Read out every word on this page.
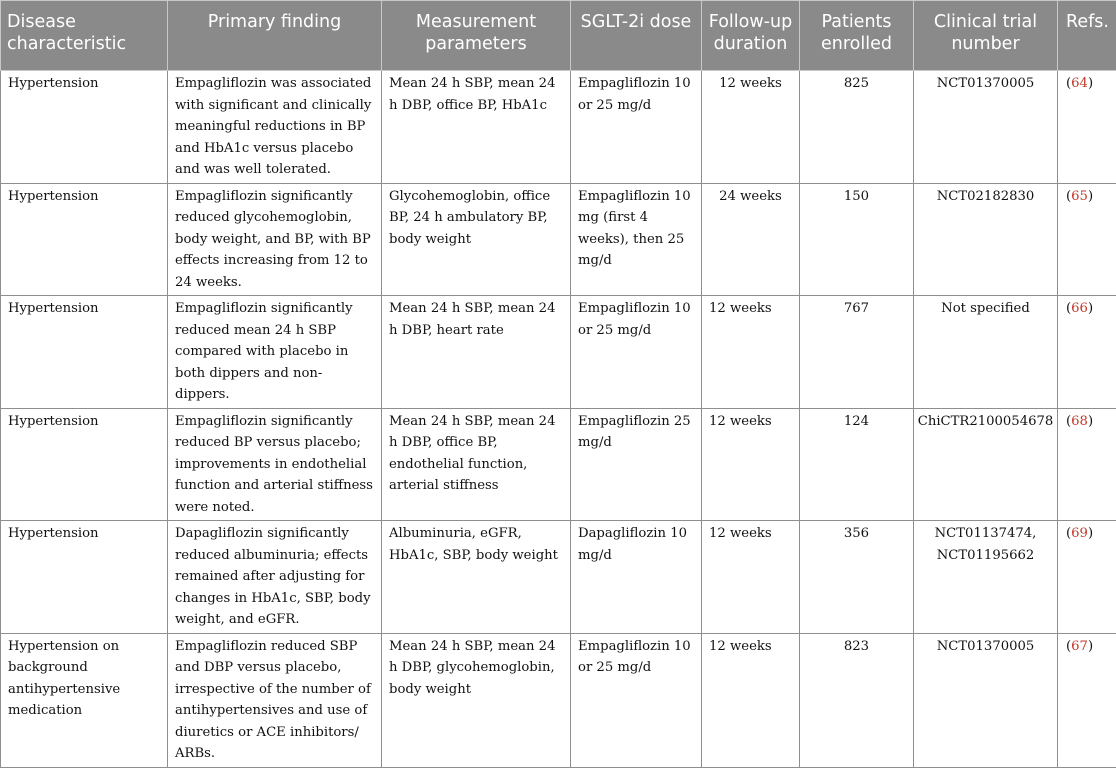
Disease characteristic	Primary finding	Measurement parameters	SGLT-2i dose	Follow-up duration	Patients enrolled	Clinical trial number	Refs.
Hypertension	Empagliflozin was associated with significant and clinically meaningful reductions in BP and HbA1c versus placebo and was well tolerated.	Mean 24 h SBP, mean 24 h DBP, office BP, HbA1c	Empagliflozin 10 or 25 mg/d	12 weeks	825	NCT01370005	(64)
Hypertension	Empagliflozin significantly reduced glycohemoglobin, body weight, and BP, with BP effects increasing from 12 to 24 weeks.	Glycohemoglobin, office BP, 24 h ambulatory BP, body weight	Empagliflozin 10 mg (first 4 weeks), then 25 mg/d	24 weeks	150	NCT02182830	(65)
Hypertension	Empagliflozin significantly reduced mean 24 h SBP compared with placebo in both dippers and non-dippers.	Mean 24 h SBP, mean 24 h DBP, heart rate	Empagliflozin 10 or 25 mg/d	12 weeks	767	Not specified	(66)
Hypertension	Empagliflozin significantly reduced BP versus placebo; improvements in endothelial function and arterial stiffness were noted.	Mean 24 h SBP, mean 24 h DBP, office BP, endothelial function, arterial stiffness	Empagliflozin 25 mg/d	12 weeks	124	ChiCTR2100054678	(68)
Hypertension	Dapagliflozin significantly reduced albuminuria; effects remained after adjusting for changes in HbA1c, SBP, body weight, and eGFR.	Albuminuria, eGFR, HbA1c, SBP, body weight	Dapagliflozin 10 mg/d	12 weeks	356	NCT01137474, NCT01195662	(69)
Hypertension on background antihypertensive medication	Empagliflozin reduced SBP and DBP versus placebo, irrespective of the number of antihypertensives and use of diuretics or ACE inhibitors/ ARBs.	Mean 24 h SBP, mean 24 h DBP, glycohemoglobin, body weight	Empagliflozin 10 or 25 mg/d	12 weeks	823	NCT01370005	(67)
